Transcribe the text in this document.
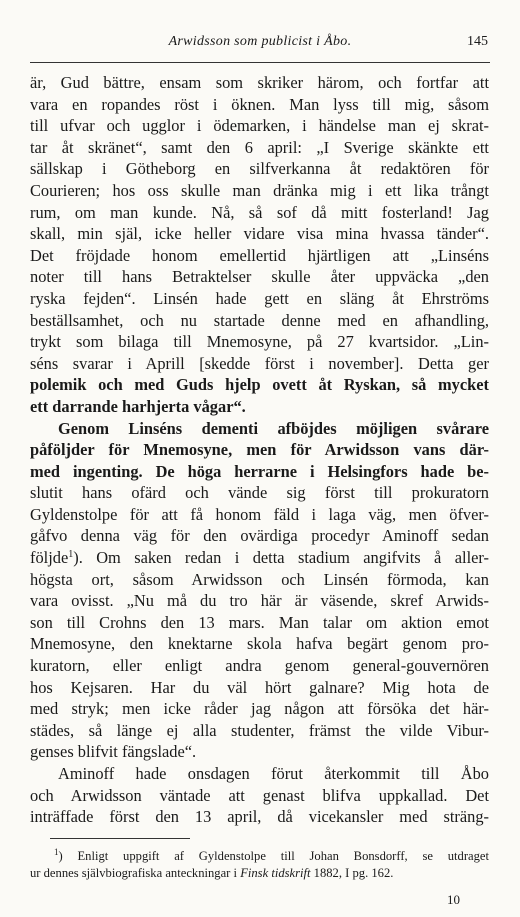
Arwidsson som publicist i Åbo.	145
är, Gud bättre, ensam som skriker härom, och fortfar att
vara en ropandes röst i öknen. Man lyss till mig, såsom
till ufvar och ugglor i ödemarken, i händelse man ej skrat-
tar åt skränet“, samt den 6 april: „I Sverige skänkte ett
sällskap i Götheborg en silfverkanna åt redaktören för
Courieren; hos oss skulle man dränka mig i ett lika trångt
rum, om man kunde. Nå, så sof då mitt fosterland! Jag
skall, min själ, icke heller vidare visa mina hvassa tänder“.
Det fröjdade honom emellertid hjärtligen att „Linséns
noter till hans Betraktelser skulle åter uppväcka „den
ryska fejden“. Linsén hade gett en släng åt Ehrströms
beställsamhet, och nu startade denne med en afhandling,
trykt som bilaga till Mnemosyne, på 27 kvartsidor. „Lin-
séns svarar i Aprill [skedde först i november]. Detta ger
polemik och med Guds hjelp ovett åt Ryskan, så mycket
ett darrande harhjerta vågar“.
Genom Linséns dementi afböjdes möjligen svårare
påföljder för Mnemosyne, men för Arwidsson vans där-
med ingenting. De höga herrarne i Helsingfors hade be-
slutit hans ofärd och vände sig först till prokuratorn
Gyldenstolpe för att få honom fäld i laga väg, men öfver-
gåfvo denna väg för den ovärdiga procedyr Aminoff sedan
följde$^1$). Om saken redan i detta stadium angifvits å aller-
högsta ort, såsom Arwidsson och Linsén förmoda, kan
vara ovisst. „Nu må du tro här är väsende, skref Arwids-
son till Crohns den 13 mars. Man talar om aktion emot
Mnemosyne, den knektarne skola hafva begärt genom pro-
kuratorn, eller enligt andra genom general-gouvernören
hos Kejsaren. Har du väl hört galnare? Mig hota de
med stryk; men icke råder jag någon att försöka det här-
städes, så länge ej alla studenter, främst the vilde Vibur-
genses blifvit fängslade“.
Aminoff hade onsdagen förut återkommit till Åbo
och Arwidsson väntade att genast blifva uppkallad. Det
inträffade först den 13 april, då vicekansler med sträng-
$^1$) Enligt uppgift af Gyldenstolpe till Johan Bonsdorff, se utdraget
ur dennes självbiografiska anteckningar i Finsk tidskrift 1882, I pg. 162.
10
